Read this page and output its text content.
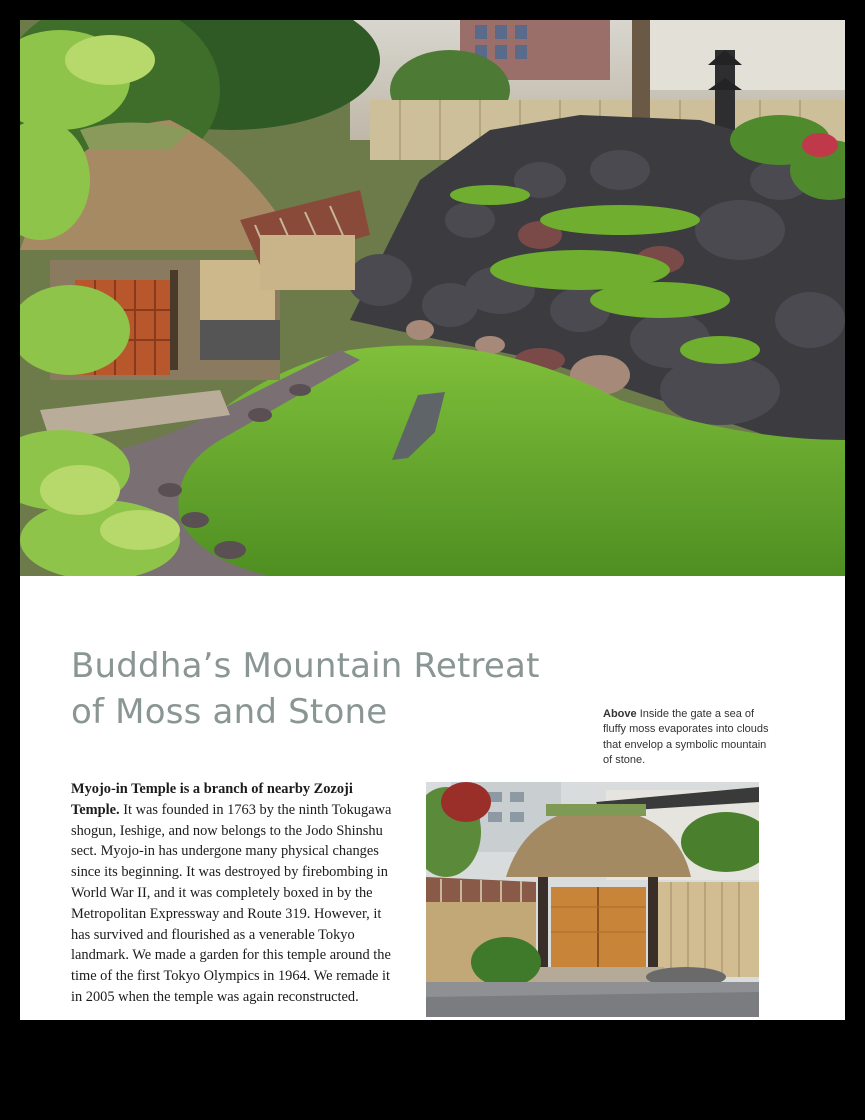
Buddha’s Mountain Retreat
of Moss and Stone	Above Inside the gate a sea of fluffy moss evaporates into clouds that envelop a symbolic mountain of stone.
Myojo-in Temple is a branch of nearby Zozoji Temple. It was founded in 1763 by the ninth Tokugawa shogun, Ieshige, and now belongs to the Jodo Shinshu sect. Myojo-in has undergone many physical changes since its beginning. It was destroyed by firebombing in World War II, and it was completely boxed in by the Metropolitan Expressway and Route 319. However, it has survived and flourished as a venerable Tokyo landmark. We made a garden for this temple around the time of the first Tokyo Olympics in 1964. We remade it in 2005 when the temple was again reconstructed.
